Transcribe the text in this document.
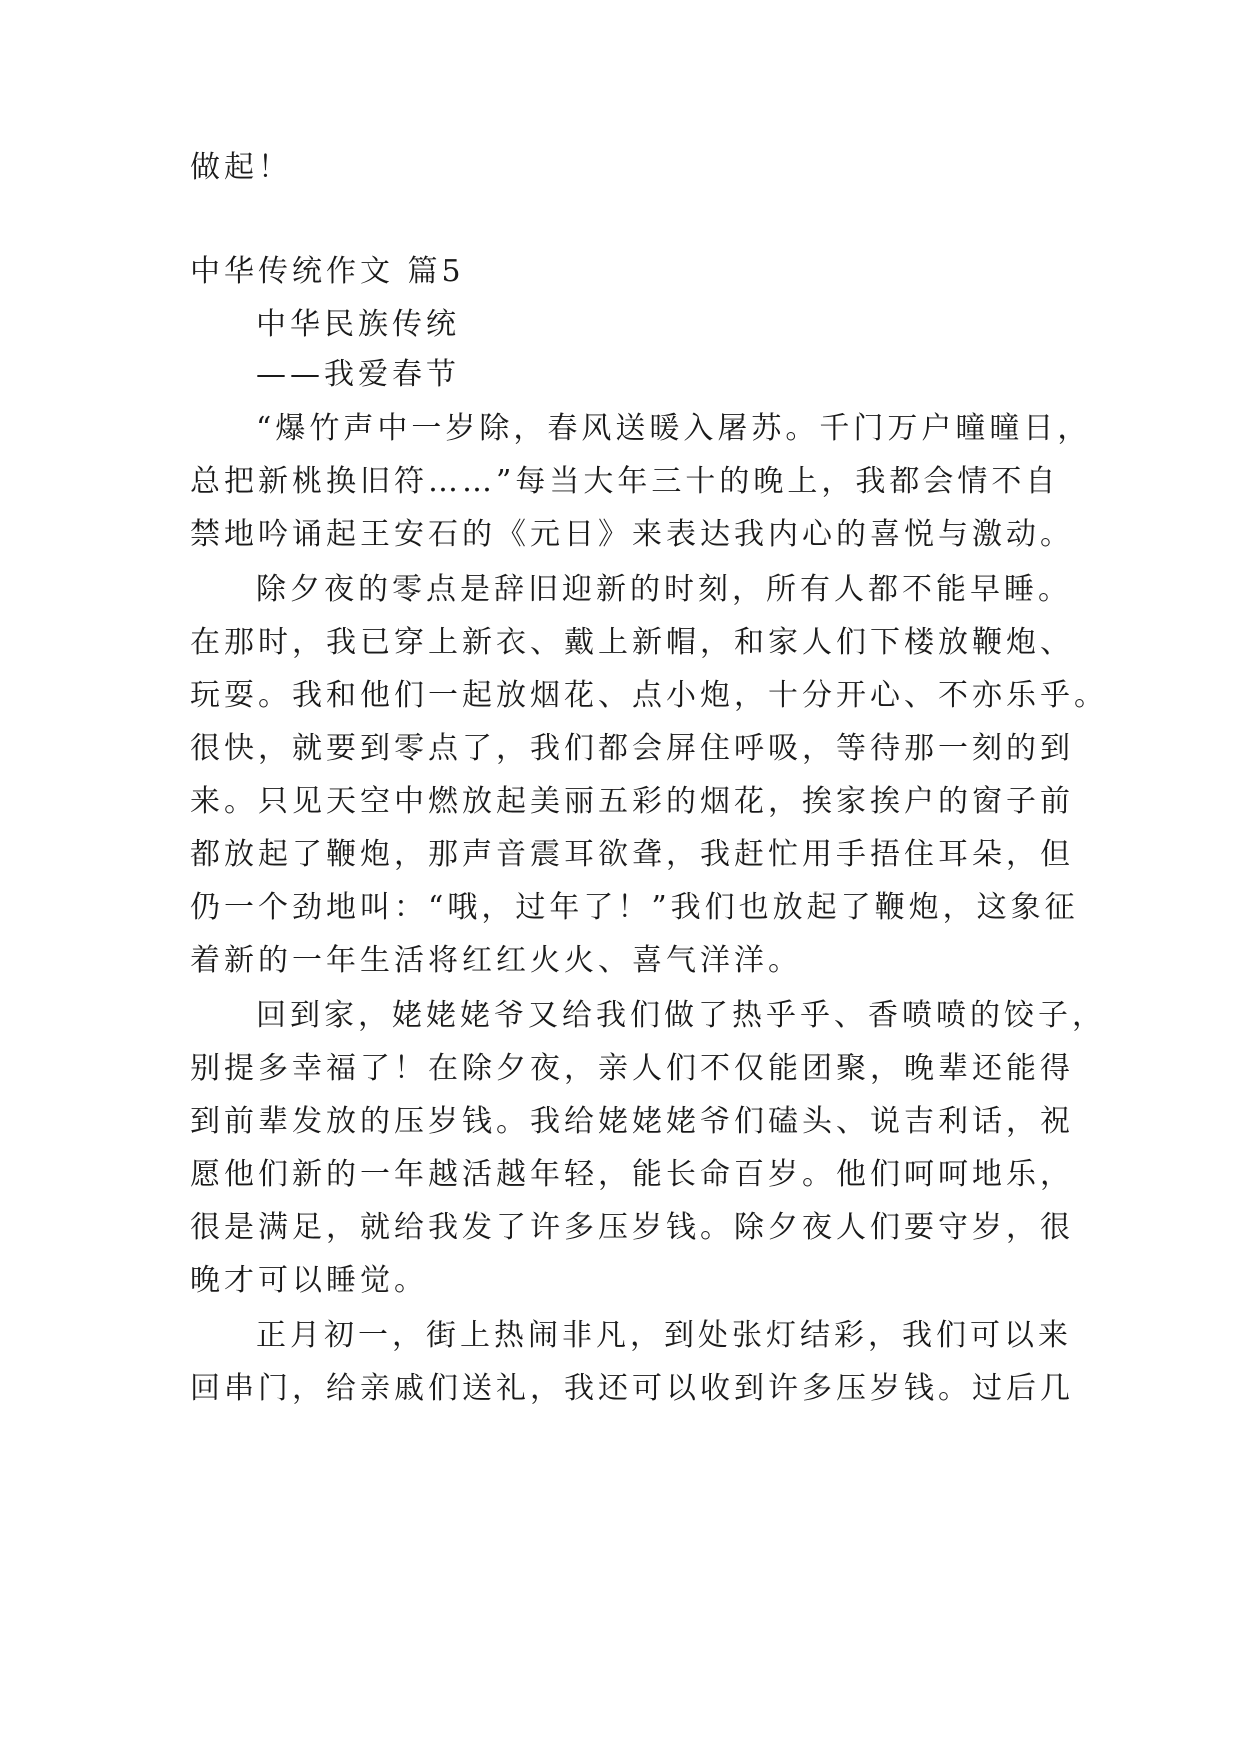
做起！
中华传统作文 篇5
中华民族传统
——我爱春节
“爆竹声中一岁除，春风送暖入屠苏。千门万户曈曈日，
总把新桃换旧符……”每当大年三十的晚上，我都会情不自
禁地吟诵起王安石的《元日》来表达我内心的喜悦与激动。
除夕夜的零点是辞旧迎新的时刻，所有人都不能早睡。
在那时，我已穿上新衣、戴上新帽，和家人们下楼放鞭炮、
玩耍。我和他们一起放烟花、点小炮，十分开心、不亦乐乎。
很快，就要到零点了，我们都会屏住呼吸，等待那一刻的到
来。只见天空中燃放起美丽五彩的烟花，挨家挨户的窗子前
都放起了鞭炮，那声音震耳欲聋，我赶忙用手捂住耳朵，但
仍一个劲地叫：“哦，过年了！”我们也放起了鞭炮，这象征
着新的一年生活将红红火火、喜气洋洋。
回到家，姥姥姥爷又给我们做了热乎乎、香喷喷的饺子，
别提多幸福了！在除夕夜，亲人们不仅能团聚，晚辈还能得
到前辈发放的压岁钱。我给姥姥姥爷们磕头、说吉利话，祝
愿他们新的一年越活越年轻，能长命百岁。他们呵呵地乐，
很是满足，就给我发了许多压岁钱。除夕夜人们要守岁，很
晚才可以睡觉。
正月初一，街上热闹非凡，到处张灯结彩，我们可以来
回串门，给亲戚们送礼，我还可以收到许多压岁钱。过后几
